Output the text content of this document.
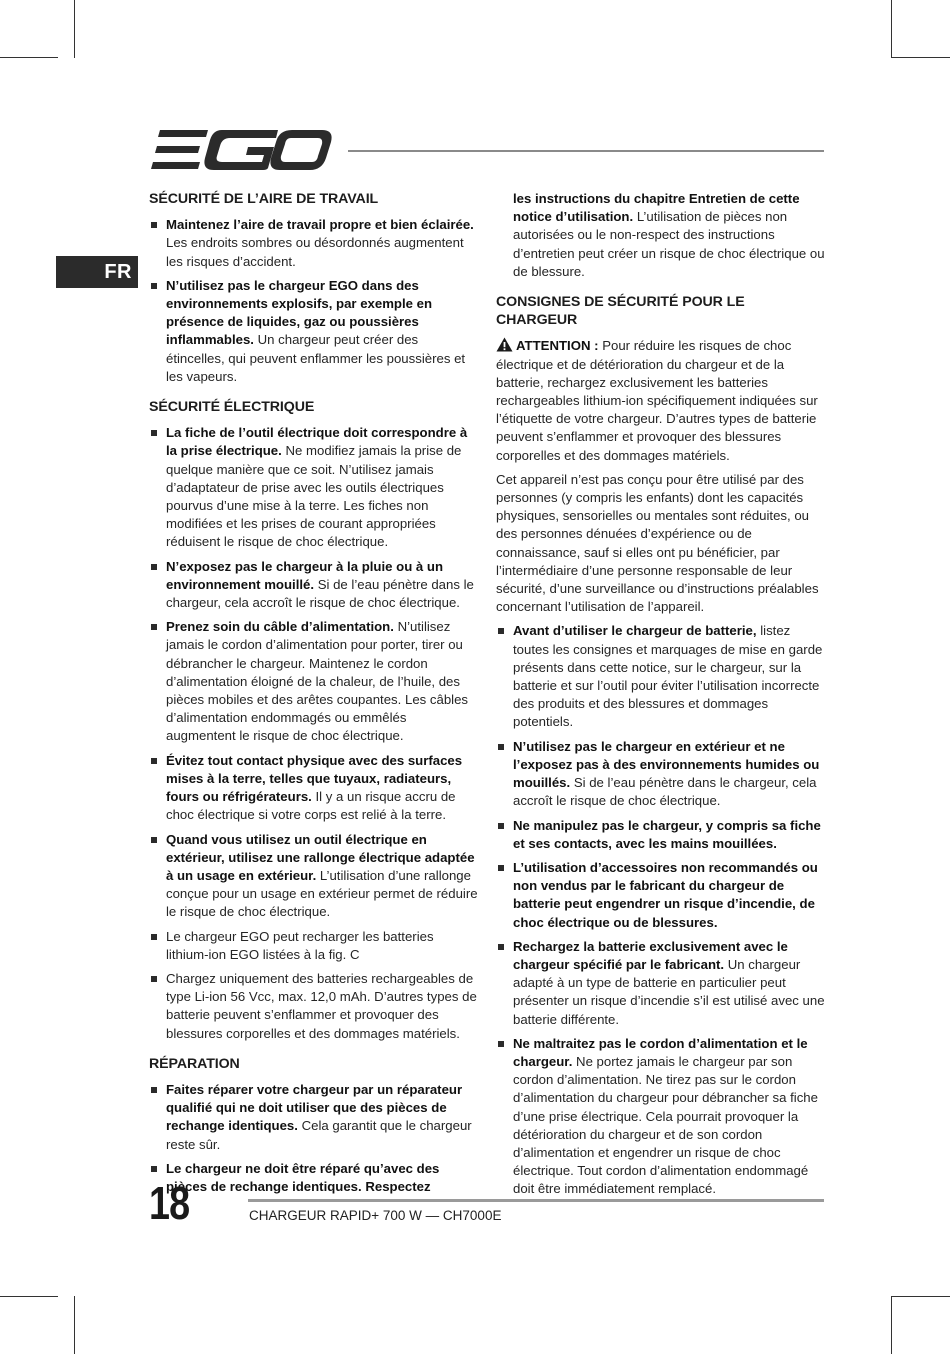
FR
SÉCURITÉ DE L’AIRE DE TRAVAIL
Maintenez l’aire de travail propre et bien éclairée. Les endroits sombres ou désordonnés augmentent les risques d’accident.
N’utilisez pas le chargeur EGO dans des environnements explosifs, par exemple en présence de liquides, gaz ou poussières inflammables. Un chargeur peut créer des étincelles, qui peuvent enflammer les poussières et les vapeurs.
SÉCURITÉ ÉLECTRIQUE
La fiche de l’outil électrique doit correspondre à la prise électrique. Ne modifiez jamais la prise de quelque manière que ce soit. N’utilisez jamais d’adaptateur de prise avec les outils électriques pourvus d’une mise à la terre. Les fiches non modifiées et les prises de courant appropriées réduisent le risque de choc électrique.
N’exposez pas le chargeur à la pluie ou à un environnement mouillé. Si de l’eau pénètre dans le chargeur, cela accroît le risque de choc électrique.
Prenez soin du câble d’alimentation. N’utilisez jamais le cordon d’alimentation pour porter, tirer ou débrancher le chargeur. Maintenez le cordon d’alimentation éloigné de la chaleur, de l’huile, des pièces mobiles et des arêtes coupantes. Les câbles d’alimentation endommagés ou emmêlés augmentent le risque de choc électrique.
Évitez tout contact physique avec des surfaces mises à la terre, telles que tuyaux, radiateurs, fours ou réfrigérateurs. Il y a un risque accru de choc électrique si votre corps est relié à la terre.
Quand vous utilisez un outil électrique en extérieur, utilisez une rallonge électrique adaptée à un usage en extérieur. L’utilisation d’une rallonge conçue pour un usage en extérieur permet de réduire le risque de choc électrique.
Le chargeur EGO peut recharger les batteries lithium-ion EGO listées à la fig. C
Chargez uniquement des batteries rechargeables de type Li-ion 56 Vcc, max. 12,0 mAh. D’autres types de batterie peuvent s’enflammer et provoquer des blessures corporelles et des dommages matériels.
RÉPARATION
Faites réparer votre chargeur par un réparateur qualifié qui ne doit utiliser que des pièces de rechange identiques. Cela garantit que le chargeur reste sûr.
Le chargeur ne doit être réparé qu’avec des pièces de rechange identiques. Respectez
les instructions du chapitre Entretien de cette notice d’utilisation. L’utilisation de pièces non autorisées ou le non-respect des instructions d’entretien peut créer un risque de choc électrique ou de blessure.
CONSIGNES DE SÉCURITÉ POUR LE CHARGEUR
ATTENTION : Pour réduire les risques de choc électrique et de détérioration du chargeur et de la batterie, rechargez exclusivement les batteries rechargeables lithium-ion spécifiquement indiquées sur l’étiquette de votre chargeur. D’autres types de batterie peuvent s’enflammer et provoquer des blessures corporelles et des dommages matériels.
Cet appareil n’est pas conçu pour être utilisé par des personnes (y compris les enfants) dont les capacités physiques, sensorielles ou mentales sont réduites, ou des personnes dénuées d’expérience ou de connaissance, sauf si elles ont pu bénéficier, par l’intermédiaire d’une personne responsable de leur sécurité, d’une surveillance ou d’instructions préalables concernant l’utilisation de l’appareil.
Avant d’utiliser le chargeur de batterie, listez toutes les consignes et marquages de mise en garde présents dans cette notice, sur le chargeur, sur la batterie et sur l’outil pour éviter l’utilisation incorrecte des produits et des blessures et dommages potentiels.
N’utilisez pas le chargeur en extérieur et ne l’exposez pas à des environnements humides ou mouillés. Si de l’eau pénètre dans le chargeur, cela accroît le risque de choc électrique.
Ne manipulez pas le chargeur, y compris sa fiche et ses contacts, avec les mains mouillées.
L’utilisation d’accessoires non recommandés ou non vendus par le fabricant du chargeur de batterie peut engendrer un risque d’incendie, de choc électrique ou de blessures.
Rechargez la batterie exclusivement avec le chargeur spécifié par le fabricant. Un chargeur adapté à un type de batterie en particulier peut présenter un risque d’incendie s’il est utilisé avec une batterie différente.
Ne maltraitez pas le cordon d’alimentation et le chargeur. Ne portez jamais le chargeur par son cordon d’alimentation. Ne tirez pas sur le cordon d’alimentation du chargeur pour débrancher sa fiche d’une prise électrique. Cela pourrait provoquer la détérioration du chargeur et de son cordon d’alimentation et engendrer un risque de choc électrique. Tout cordon d’alimentation endommagé doit être immédiatement remplacé.
18	CHARGEUR RAPID+ 700 W — CH7000E
